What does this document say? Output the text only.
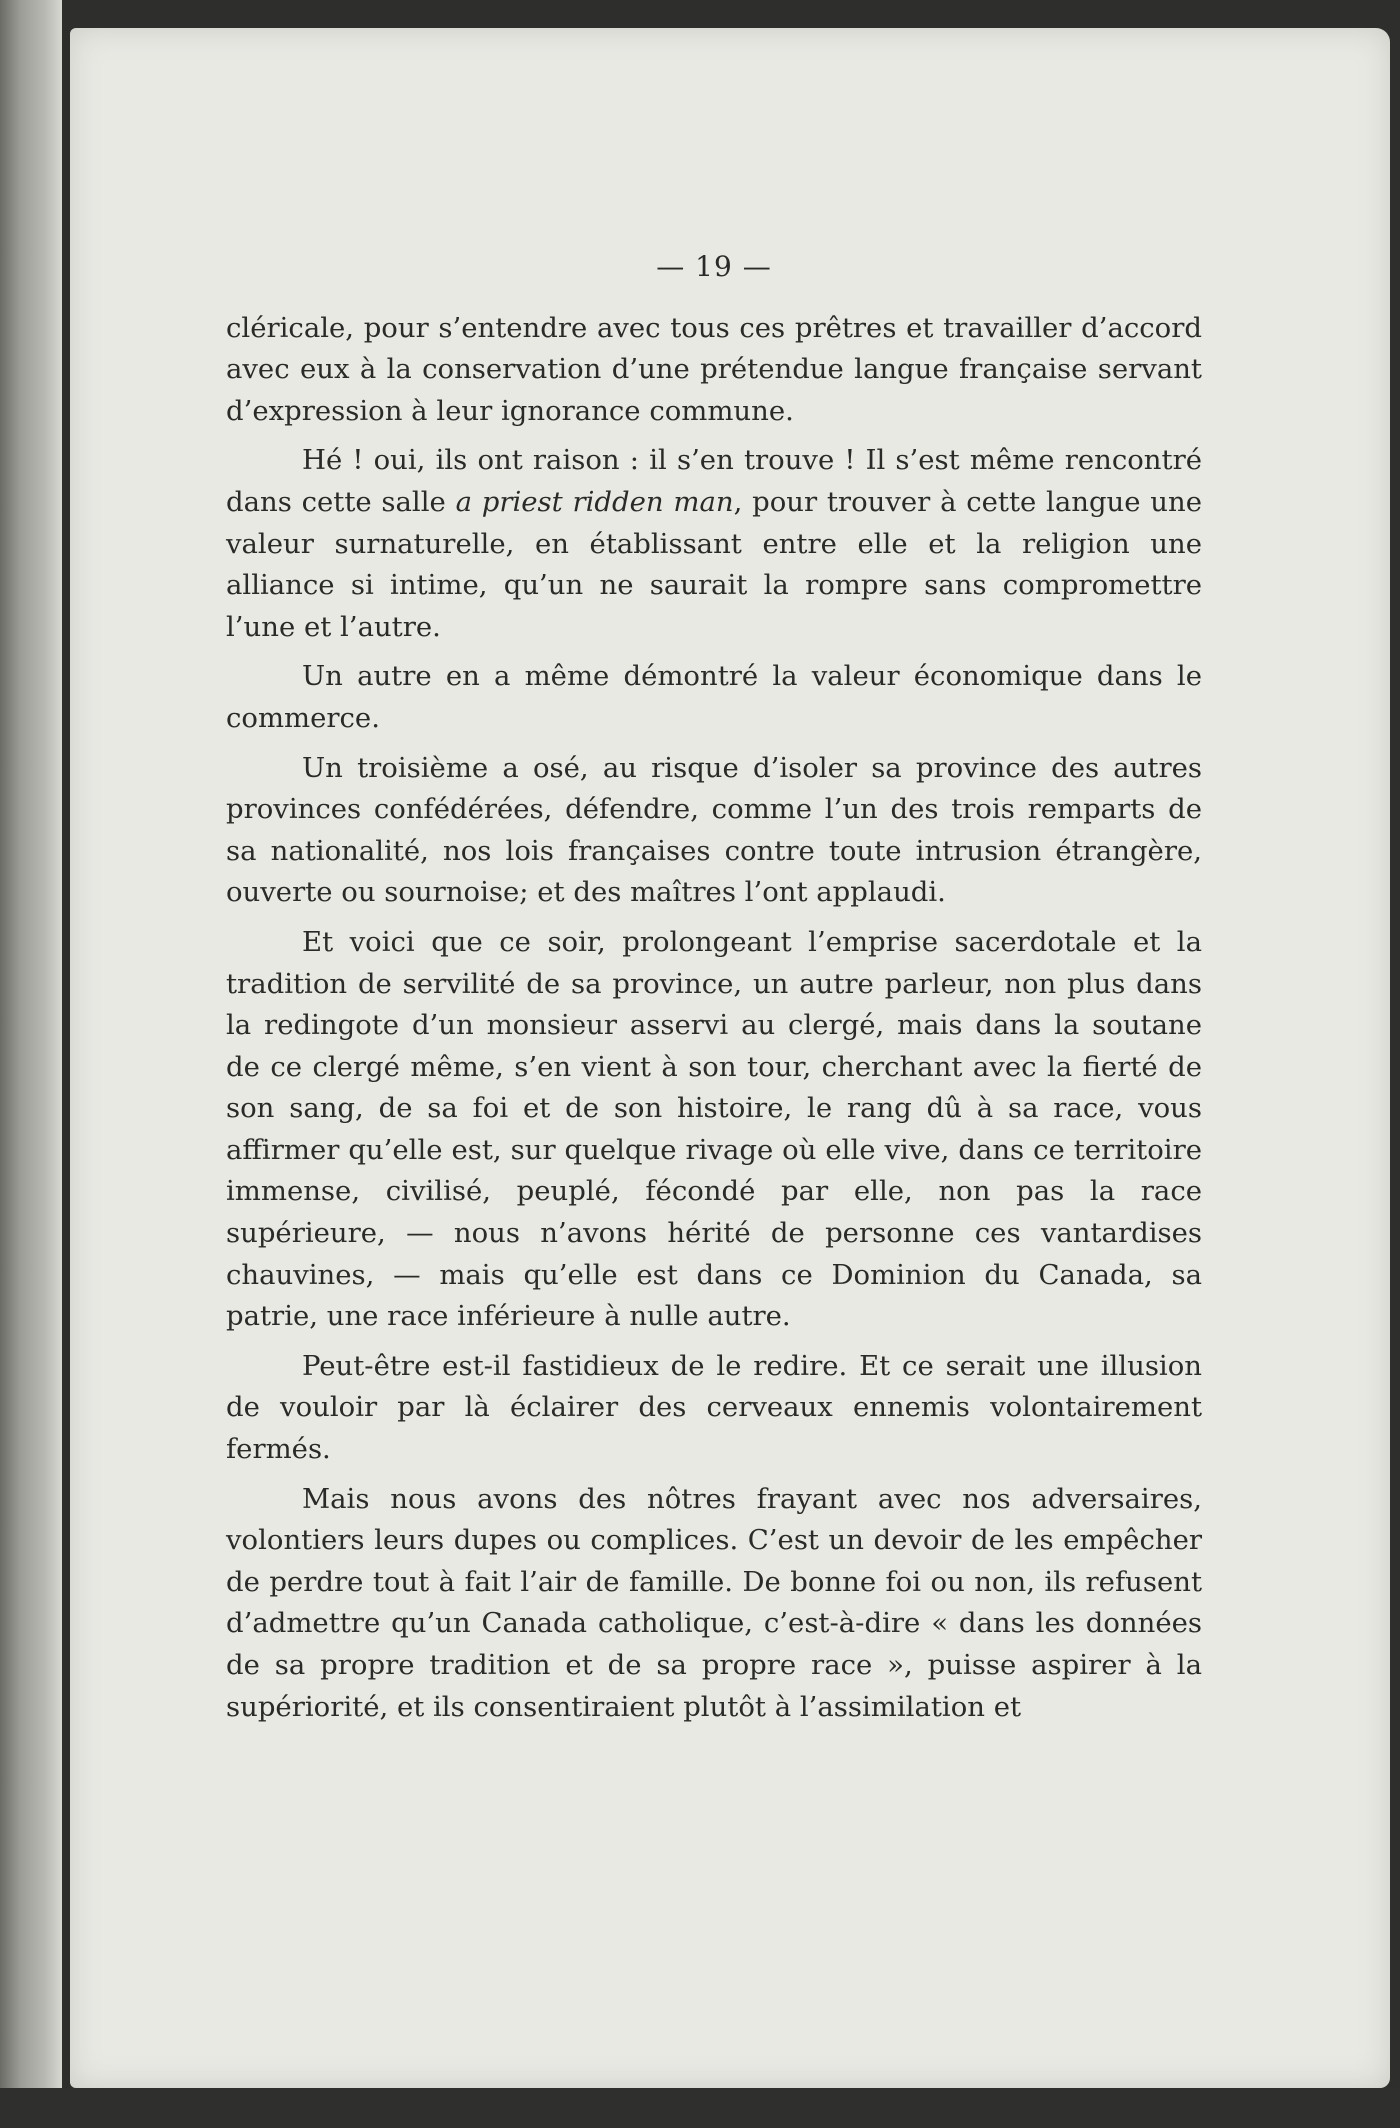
— 19 —

cléricale, pour s’entendre avec tous ces prêtres et travailler d’accord avec eux à la conservation d’une prétendue langue française servant d’expression à leur ignorance commune.

Hé ! oui, ils ont raison : il s’en trouve ! Il s’est même rencontré dans cette salle a priest ridden man, pour trouver à cette langue une valeur surnaturelle, en établissant entre elle et la religion une alliance si intime, qu’un ne saurait la rompre sans compromettre l’une et l’autre.

Un autre en a même démontré la valeur économique dans le commerce.

Un troisième a osé, au risque d’isoler sa province des autres provinces confédérées, défendre, comme l’un des trois remparts de sa nationalité, nos lois françaises contre toute intrusion étrangère, ouverte ou sournoise; et des maîtres l’ont applaudi.

Et voici que ce soir, prolongeant l’emprise sacerdotale et la tradition de servilité de sa province, un autre parleur, non plus dans la redingote d’un monsieur asservi au clergé, mais dans la soutane de ce clergé même, s’en vient à son tour, cherchant avec la fierté de son sang, de sa foi et de son histoire, le rang dû à sa race, vous affirmer qu’elle est, sur quelque rivage où elle vive, dans ce territoire immense, civilisé, peuplé, fécondé par elle, non pas la race supérieure, — nous n’avons hérité de personne ces vantardises chauvines, — mais qu’elle est dans ce Dominion du Canada, sa patrie, une race inférieure à nulle autre.

Peut-être est-il fastidieux de le redire. Et ce serait une illusion de vouloir par là éclairer des cerveaux ennemis volontairement fermés.

Mais nous avons des nôtres frayant avec nos adversaires, volontiers leurs dupes ou complices. C’est un devoir de les empêcher de perdre tout à fait l’air de famille. De bonne foi ou non, ils refusent d’admettre qu’un Canada catholique, c’est-à-dire « dans les données de sa propre tradition et de sa propre race », puisse aspirer à la supériorité, et ils consentiraient plutôt à l’assimilation et
